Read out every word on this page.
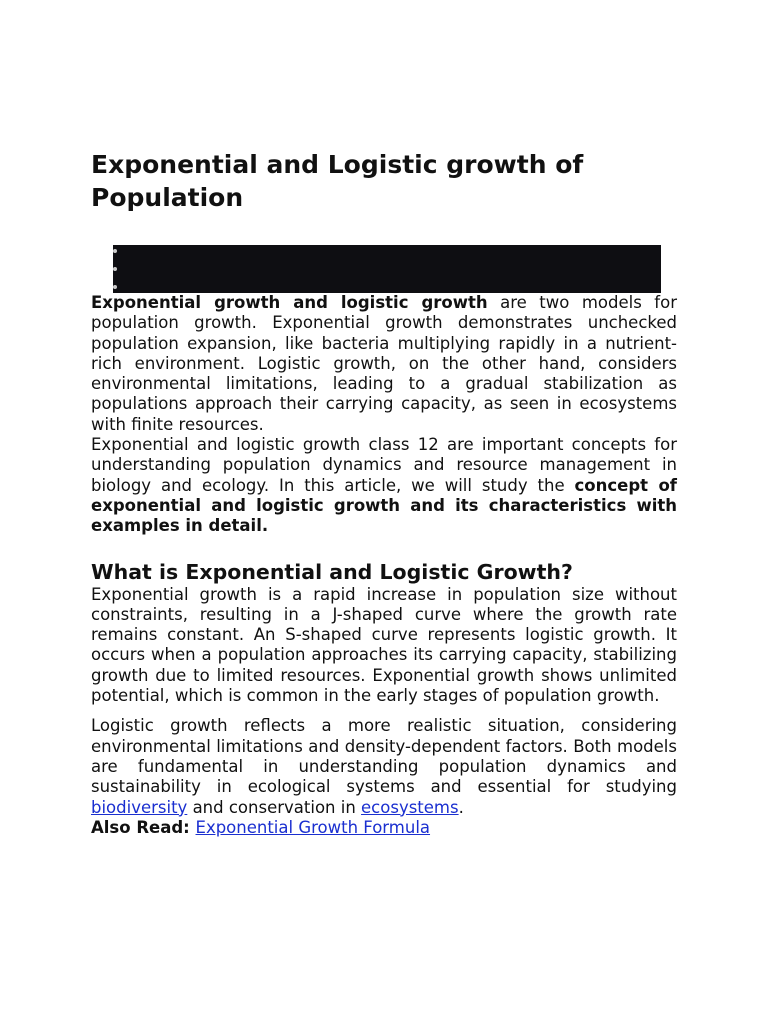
Exponential and Logistic growth of Population

Exponential growth and logistic growth are two models for population growth. Exponential growth demonstrates unchecked population expansion, like bacteria multiplying rapidly in a nutrient-rich environment. Logistic growth, on the other hand, considers environmental limitations, leading to a gradual stabilization as populations approach their carrying capacity, as seen in ecosystems with finite resources.

Exponential and logistic growth class 12 are important concepts for understanding population dynamics and resource management in biology and ecology. In this article, we will study the concept of exponential and logistic growth and its characteristics with examples in detail.

What is Exponential and Logistic Growth?

Exponential growth is a rapid increase in population size without constraints, resulting in a J-shaped curve where the growth rate remains constant. An S-shaped curve represents logistic growth. It occurs when a population approaches its carrying capacity, stabilizing growth due to limited resources. Exponential growth shows unlimited potential, which is common in the early stages of population growth.

Logistic growth reflects a more realistic situation, considering environmental limitations and density-dependent factors. Both models are fundamental in understanding population dynamics and sustainability in ecological systems and essential for studying biodiversity and conservation in ecosystems.

Also Read: Exponential Growth Formula
